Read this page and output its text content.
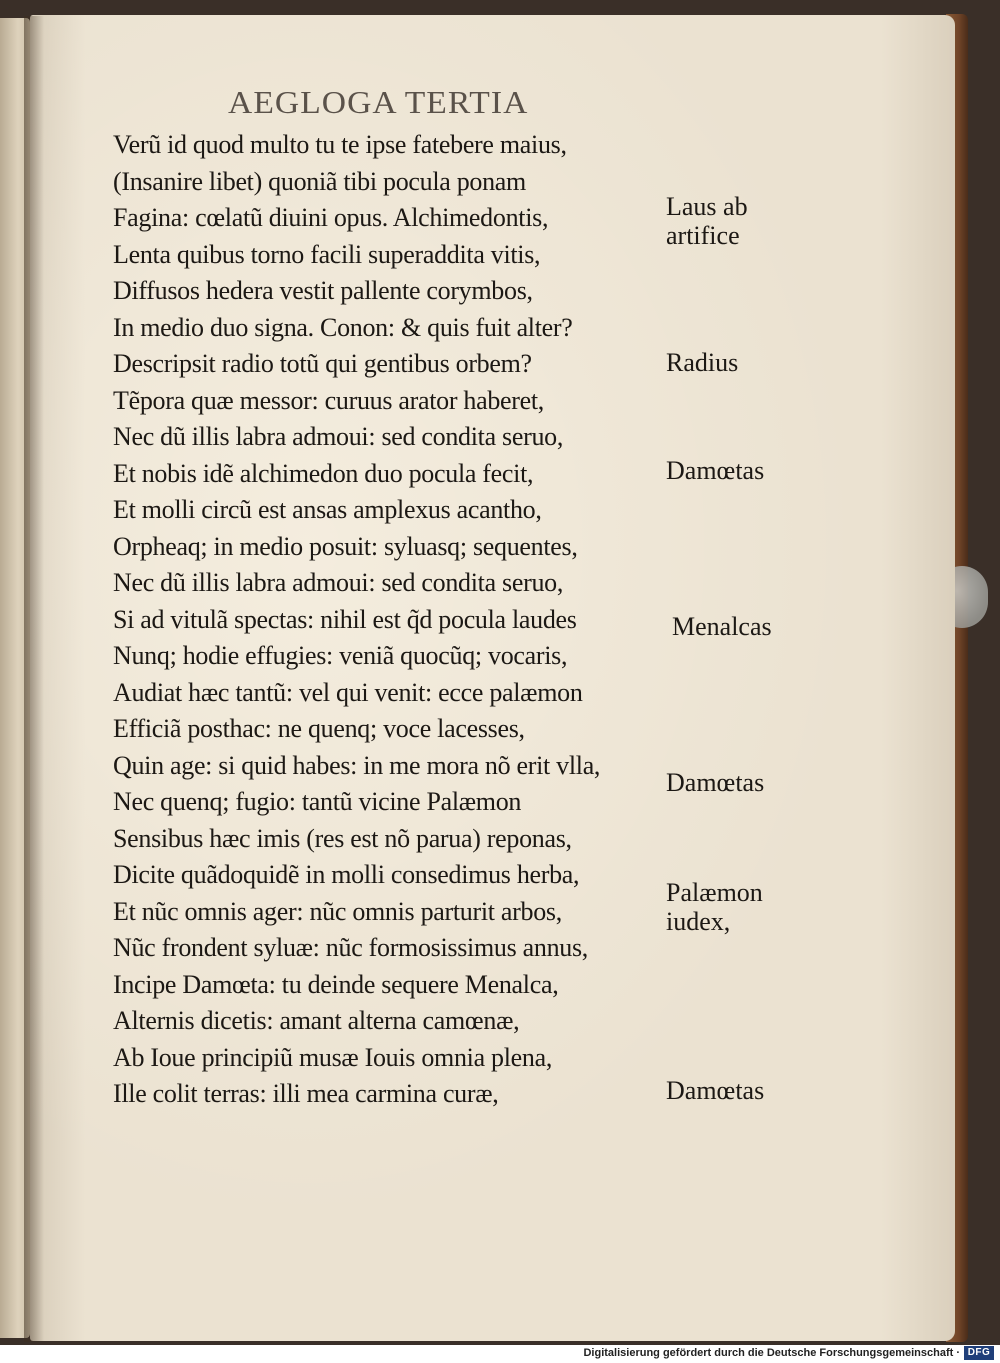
AEGLOGA TERTIA
Verũ id quod multo tu te ipse fatebere maius,
(Insanire libet) quoniã tibi pocula ponam
Fagina: cœlatũ diuini opus. Alchimedontis,
Lenta quibus torno facili superaddita vitis,
Diffusos hedera vestit pallente corymbos,
In medio duo signa. Conon: & quis fuit alter?
Descripsit radio totũ qui gentibus orbem?
Tẽpora quæ messor: curuus arator haberet,
Nec dũ illis labra admoui: sed condita seruo,
Et nobis idẽ alchimedon duo pocula fecit,
Et molli circũ est ansas amplexus acantho,
Orpheaq; in medio posuit: syluasq; sequentes,
Nec dũ illis labra admoui: sed condita seruo,
Si ad vitulã spectas: nihil est q̃d pocula laudes
Nunq; hodie effugies: veniã quocũq; vocaris,
Audiat hæc tantũ: vel qui venit: ecce palæmon
Efficiã posthac: ne quenq; voce lacesses,
Quin age: si quid habes: in me mora nõ erit vlla,
Nec quenq; fugio: tantũ vicine Palæmon
Sensibus hæc imis (res est nõ parua) reponas,
Dicite quãdoquidẽ in molli consedimus herba,
Et nũc omnis ager: nũc omnis parturit arbos,
Nũc frondent syluæ: nũc formosissimus annus,
Incipe Damœta: tu deinde sequere Menalca,
Alternis dicetis: amant alterna camœnæ,
Ab Ioue principiũ musæ Iouis omnia plena,
Ille colit terras: illi mea carmina curæ,
Laus ab
artifice
Radius
Damœtas
Menalcas
Damœtas
Palæmon
iudex,
Damœtas
Digitalisierung gefördert durch die Deutsche Forschungsgemeinschaft · DFG
